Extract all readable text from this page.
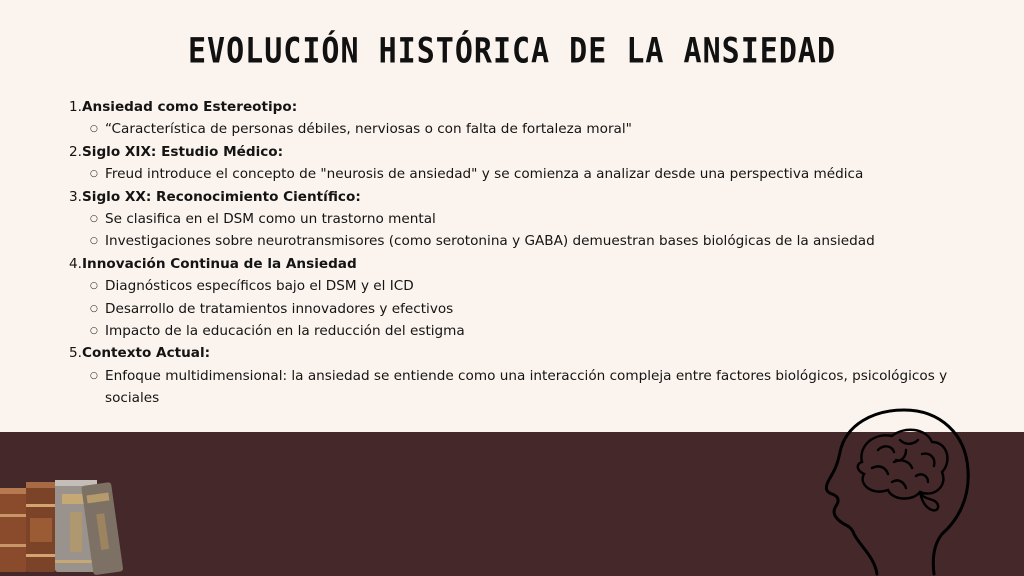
EVOLUCIÓN HISTÓRICA DE LA ANSIEDAD
1. Ansiedad como Estereotipo:
○ “Característica de personas débiles, nerviosas o con falta de fortaleza moral"
2. Siglo XIX: Estudio Médico:
○ Freud introduce el concepto de "neurosis de ansiedad" y se comienza a analizar desde una perspectiva médica
3. Siglo XX: Reconocimiento Científico:
○ Se clasifica en el DSM como un trastorno mental
○ Investigaciones sobre neurotransmisores (como serotonina y GABA) demuestran bases biológicas de la ansiedad
4. Innovación Continua de la Ansiedad
○ Diagnósticos específicos bajo el DSM y el ICD
○ Desarrollo de tratamientos innovadores y efectivos
○ Impacto de la educación en la reducción del estigma
5. Contexto Actual:
○ Enfoque multidimensional: la ansiedad se entiende como una interacción compleja entre factores biológicos, psicológicos y sociales
